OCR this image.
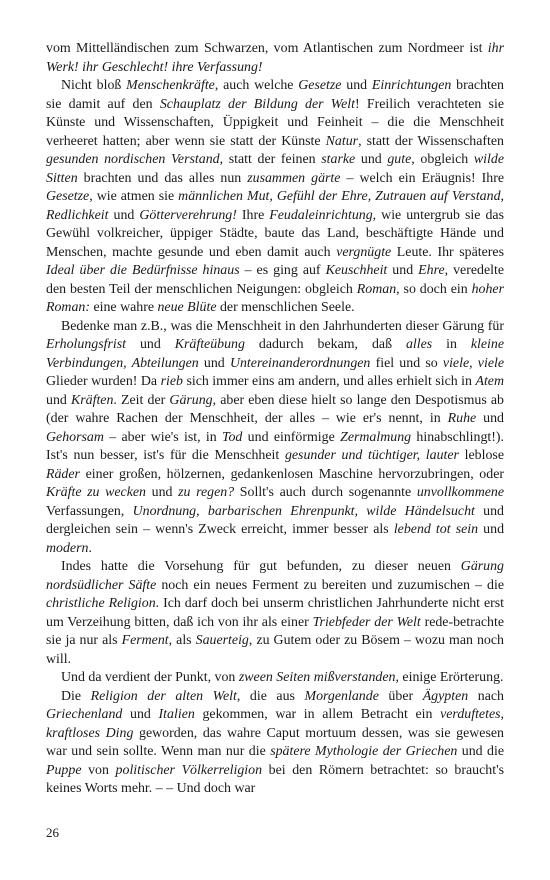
vom Mittelländischen zum Schwarzen, vom Atlantischen zum Nordmeer ist ihr Werk! ihr Geschlecht! ihre Verfassung!

Nicht bloß Menschenkräfte, auch welche Gesetze und Einrichtungen brachten sie damit auf den Schauplatz der Bildung der Welt! Freilich verachteten sie Künste und Wissenschaften, Üppigkeit und Feinheit – die die Menschheit verheeret hatten; aber wenn sie statt der Künste Natur, statt der Wissenschaften gesunden nordischen Verstand, statt der feinen starke und gute, obgleich wilde Sitten brachten und das alles nun zusammen gärte – welch ein Eräugnis! Ihre Gesetze, wie atmen sie männlichen Mut, Gefühl der Ehre, Zutrauen auf Verstand, Redlichkeit und Götterverehrung! Ihre Feudaleinrichtung, wie untergrub sie das Gewühl volkreicher, üppiger Städte, baute das Land, beschäftigte Hände und Menschen, machte gesunde und eben damit auch vergnügte Leute. Ihr späteres Ideal über die Bedürfnisse hinaus – es ging auf Keuschheit und Ehre, veredelte den besten Teil der menschlichen Neigungen: obgleich Roman, so doch ein hoher Roman: eine wahre neue Blüte der menschlichen Seele.

Bedenke man z.B., was die Menschheit in den Jahrhunderten dieser Gärung für Erholungsfrist und Kräfteübung dadurch bekam, daß alles in kleine Verbindungen, Abteilungen und Untereinanderordnungen fiel und so viele, viele Glieder wurden! Da rieb sich immer eins am andern, und alles erhielt sich in Atem und Kräften. Zeit der Gärung, aber eben diese hielt so lange den Despotismus ab (der wahre Rachen der Menschheit, der alles – wie er's nennt, in Ruhe und Gehorsam – aber wie's ist, in Tod und einförmige Zermalmung hinabschlingt!). Ist's nun besser, ist's für die Menschheit gesunder und tüchtiger, lauter leblose Räder einer großen, hölzernen, gedankenlosen Maschine hervorzubringen, oder Kräfte zu wecken und zu regen? Sollt's auch durch sogenannte unvollkommene Verfassungen, Unordnung, barbarischen Ehrenpunkt, wilde Händelsucht und dergleichen sein – wenn's Zweck erreicht, immer besser als lebend tot sein und modern.

Indes hatte die Vorsehung für gut befunden, zu dieser neuen Gärung nordsüdlicher Säfte noch ein neues Ferment zu bereiten und zuzumischen – die christliche Religion. Ich darf doch bei unserm christlichen Jahrhunderte nicht erst um Verzeihung bitten, daß ich von ihr als einer Triebfeder der Welt rede-betrachte sie ja nur als Ferment, als Sauerteig, zu Gutem oder zu Bösem – wozu man noch will.

Und da verdient der Punkt, von zween Seiten mißverstanden, einige Erörterung.

Die Religion der alten Welt, die aus Morgenlande über Ägypten nach Griechenland und Italien gekommen, war in allem Betracht ein verduftetes, kraftloses Ding geworden, das wahre Caput mortuum dessen, was sie gewesen war und sein sollte. Wenn man nur die spätere Mythologie der Griechen und die Puppe von politischer Völkerreligion bei den Römern betrachtet: so braucht's keines Worts mehr. – – Und doch war

26
